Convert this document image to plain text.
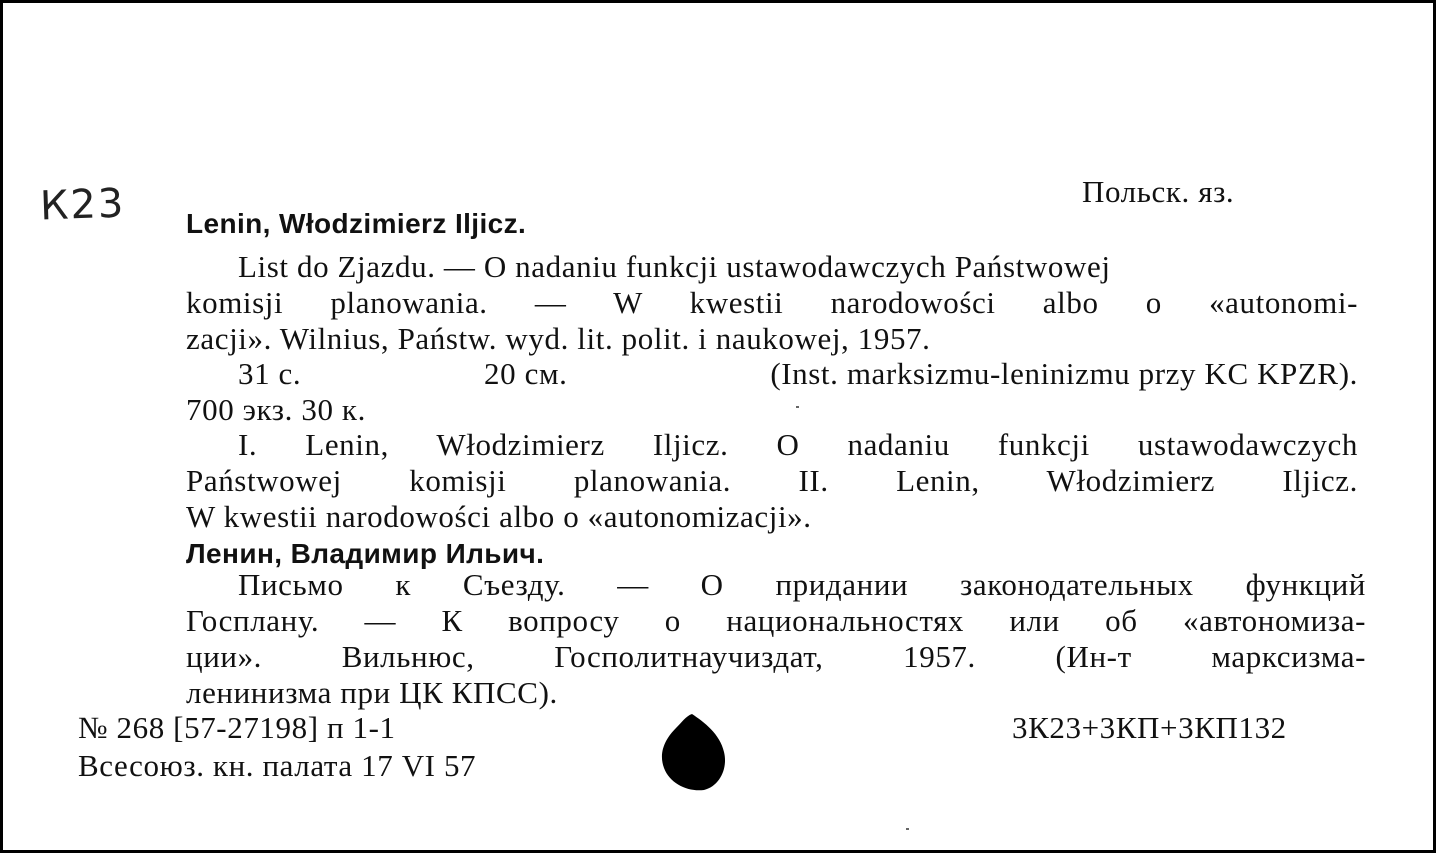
К23	Польск. яз.
Lenin, Włodzimierz Iljicz.
List do Zjazdu. — O nadaniu funkcji ustawodawczych Państwowej
komisji planowania. — W kwestii narodowości albo o «autonomi-
zacji». Wilnius, Państw. wyd. lit. polit. i naukowej, 1957.
31 c.	20 см.	(Inst. marksizmu-leninizmu przy KC KPZR).
700 экз. 30 к.
I. Lenin, Włodzimierz Iljicz. O nadaniu funkcji ustawodawczych
Państwowej komisji planowania. II. Lenin, Włodzimierz Iljicz.
W kwestii narodowości albo o «autonomizacji».
Ленин, Владимир Ильич.
Письмо к Съезду. — О придании законодательных функций
Госплану. — К вопросу о национальностях или об «автономиза-
ции». Вильнюс, Госполитнаучиздат, 1957. (Ин-т марксизма-
ленинизма при ЦК КПСС).
№ 268 [57-27198] п 1-1	3К23+3КП+3КП132
Всесоюз. кн. палата 17 VI 57
